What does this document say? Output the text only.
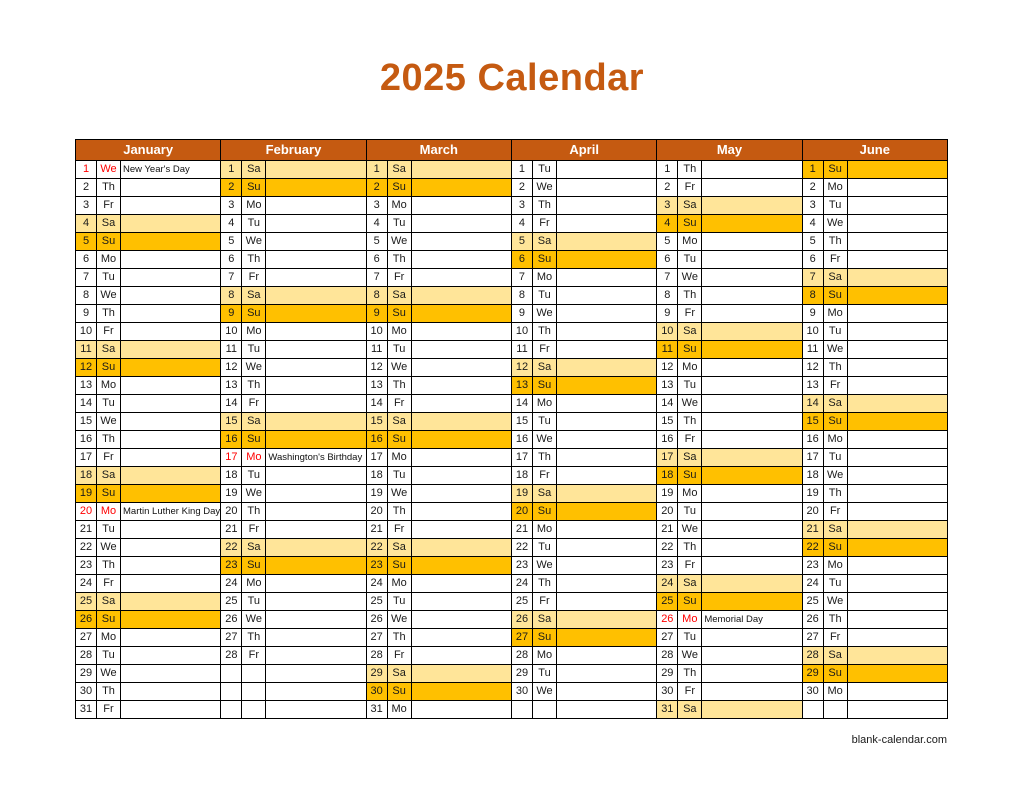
2025 Calendar
January
1	We New Year's Day
2	Th
3	Fr
4	Sa
5	Su
6	Mo
7	Tu
8	We
9	Th
10	Fr
11 Sa
12 Su
13 Mo
14 Tu
15 We
16 Th
17	Fr
18 Sa
19 Su
20 Mo Martin Luther King Day
21 Tu
22 We
23 Th
24	Fr
25 Sa
26 Su
27 Mo
28 Tu
29 We
30 Th
31	Fr
February
1	Sa
2	Su
3	Mo
4	Tu
5	We
6	Th
7	Fr
8	Sa
9	Su
10 Mo
11 Tu
12 We
13 Th
14	Fr
15 Sa
16 Su
17 Mo Washington's Birthday
18 Tu
19 We
20 Th
21	Fr
22 Sa
23 Su
24 Mo
25 Tu
26 We
27 Th
28	Fr
March
1	Sa
2	Su
3	Mo
4	Tu
5	We
6	Th
7	Fr
8	Sa
9	Su
10 Mo
11 Tu
12 We
13 Th
14	Fr
15 Sa
16 Su
17 Mo
18 Tu
19 We
20 Th
21	Fr
22 Sa
23 Su
24 Mo
25 Tu
26 We
27 Th
28	Fr
29 Sa
30 Su
31 Mo
April
1	Tu
2	We
3	Th
4	Fr
5	Sa
6	Su
7	Mo
8	Tu
9	We
10 Th
11	Fr
12 Sa
13 Su
14 Mo
15 Tu
16 We
17 Th
18	Fr
19 Sa
20 Su
21 Mo
22 Tu
23 We
24 Th
25	Fr
26 Sa
27 Su
28 Mo
29 Tu
30 We
May
1	Th
2	Fr
3	Sa
4	Su
5	Mo
6	Tu
7	We
8	Th
9	Fr
10 Sa
11 Su
12 Mo
13 Tu
14 We
15 Th
16	Fr
17 Sa
18 Su
19 Mo
20 Tu
21 We
22 Th
23	Fr
24 Sa
25 Su
26 Mo Memorial Day
27 Tu
28 We
29 Th
30	Fr
31 Sa
June
1	Su
2	Mo
3	Tu
4	We
5	Th
6	Fr
7	Sa
8	Su
9	Mo
10 Tu
11 We
12 Th
13	Fr
14 Sa
15 Su
16 Mo
17 Tu
18 We
19 Th
20	Fr
21 Sa
22 Su
23 Mo
24 Tu
25 We
26 Th
27	Fr
28 Sa
29 Su
30 Mo
blank-calendar.com
